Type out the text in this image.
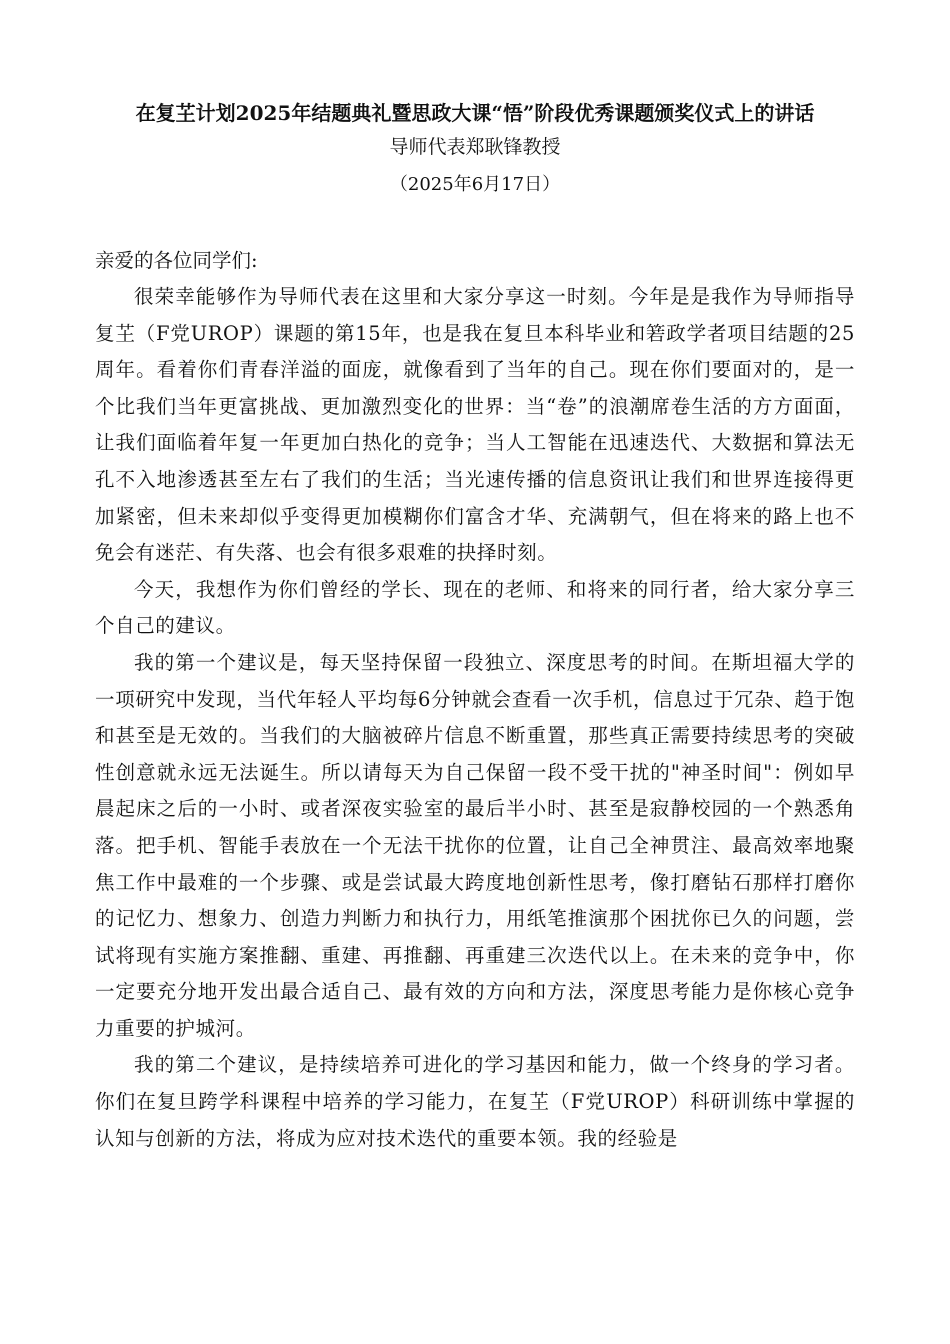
在复芏计划2025年结题典礼暨思政大课“悟”阶段优秀课题颁奖仪式上的讲话
导师代表郑耿锋教授
（2025年6月17日）
亲爱的各位同学们:

很荣幸能够作为导师代表在这里和大家分享这一时刻。今年是是我作为导师指导复芏（F党UROP）课题的第15年，也是我在复旦本科毕业和箬政学者项目结题的25周年。看着你们青春洋溢的面庞，就像看到了当年的自己。现在你们要面对的，是一个比我们当年更富挑战、更加激烈变化的世界：当“卷”的浪潮席卷生活的方方面面，让我们面临着年复一年更加白热化的竞争；当人工智能在迅速迭代、大数据和算法无孔不入地渗透甚至左右了我们的生活；当光速传播的信息资讯让我们和世界连接得更加紧密，但未来却似乎变得更加模糊你们富含才华、充满朝气，但在将来的路上也不免会有迷茫、有失落、也会有很多艰难的抉择时刻。

今天，我想作为你们曾经的学长、现在的老师、和将来的同行者，给大家分享三个自己的建议。

我的第一个建议是，每天坚持保留一段独立、深度思考的时间。在斯坦福大学的一项研究中发现，当代年轻人平均每6分钟就会查看一次手机，信息过于冗杂、趋于饱和甚至是无效的。当我们的大脑被碎片信息不断重置，那些真正需要持续思考的突破性创意就永远无法诞生。所以请每天为自己保留一段不受干扰的"神圣时间"：例如早晨起床之后的一小时、或者深夜实验室的最后半小时、甚至是寂静校园的一个熟悉角落。把手机、智能手表放在一个无法干扰你的位置，让自己全神贯注、最高效率地聚焦工作中最难的一个步骤、或是尝试最大跨度地创新性思考，像打磨钻石那样打磨你的记忆力、想象力、创造力判断力和执行力，用纸笔推演那个困扰你已久的问题，尝试将现有实施方案推翻、重建、再推翻、再重建三次迭代以上。在未来的竞争中，你一定要充分地开发出最合适自己、最有效的方向和方法，深度思考能力是你核心竞争力重要的护城河。

我的第二个建议，是持续培养可进化的学习基因和能力，做一个终身的学习者。你们在复旦跨学科课程中培养的学习能力，在复芏（F党UROP）科研训练中掌握的认知与创新的方法，将成为应对技术迭代的重要本领。我的经验是
